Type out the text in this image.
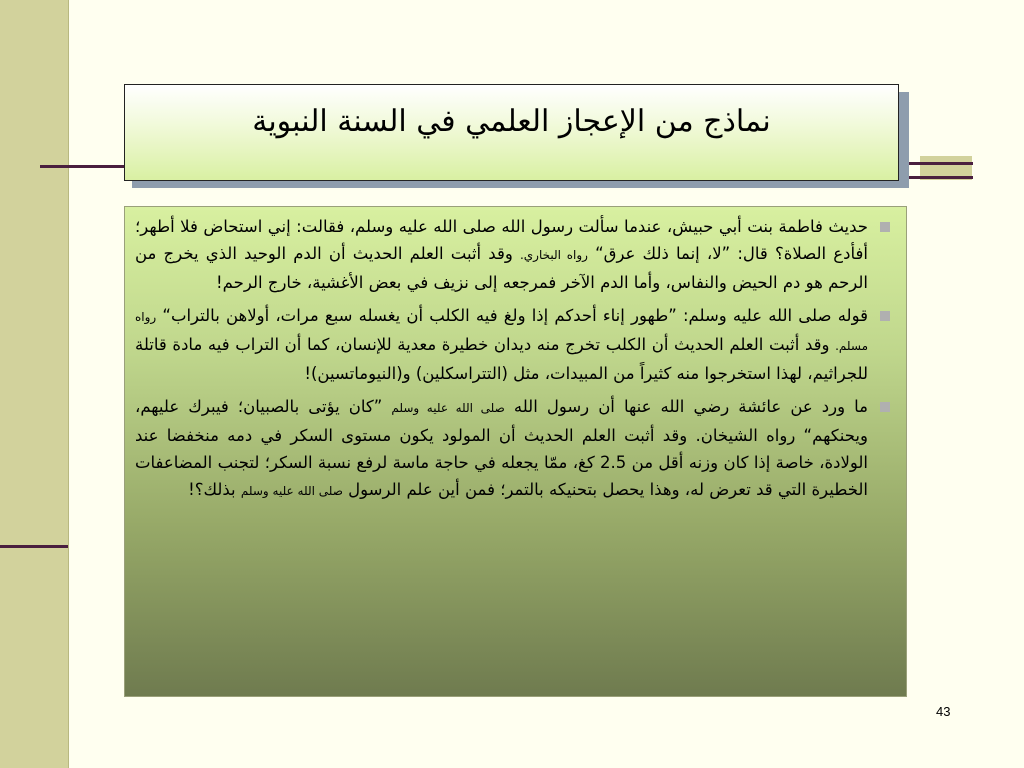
نماذج من الإعجاز العلمي في السنة النبوية
حديث فاطمة بنت أبي حبيش، عندما سألت رسول الله صلى الله عليه وسلم، فقالت: إني استحاض فلا أطهر؛ أفأدع الصلاة؟ قال: ”لا، إنما ذلك عرق“ رواه البخاري. وقد أثبت العلم الحديث أن الدم الوحيد الذي يخرج من الرحم هو دم الحيض والنفاس، وأما الدم الآخر فمرجعه إلى نزيف في بعض الأغشية، خارج الرحم!
قوله صلى الله عليه وسلم: ”طهور إناء أحدكم إذا ولغ فيه الكلب أن يغسله سبع مرات، أولاهن بالتراب“ رواه مسلم. وقد أثبت العلم الحديث أن الكلب تخرج منه ديدان خطيرة معدية للإنسان، كما أن التراب فيه مادة قاتلة للجراثيم، لهذا استخرجوا منه كثيراً من المبيدات، مثل (التتراسكلين) و(النيوماتسين)!
ما ورد عن عائشة رضي الله عنها أن رسول الله صلى الله عليه وسلم ”كان يؤتى بالصبيان؛ فيبرك عليهم، ويحنكهم“ رواه الشيخان. وقد أثبت العلم الحديث أن المولود يكون مستوى السكر في دمه منخفضا عند الولادة، خاصة إذا كان وزنه أقل من 2.5 كغ، ممّا يجعله في حاجة ماسة لرفع نسبة السكر؛ لتجنب المضاعفات الخطيرة التي قد تعرض له، وهذا يحصل بتحنيكه بالتمر؛ فمن أين علم الرسول صلى الله عليه وسلم بذلك؟!
43
